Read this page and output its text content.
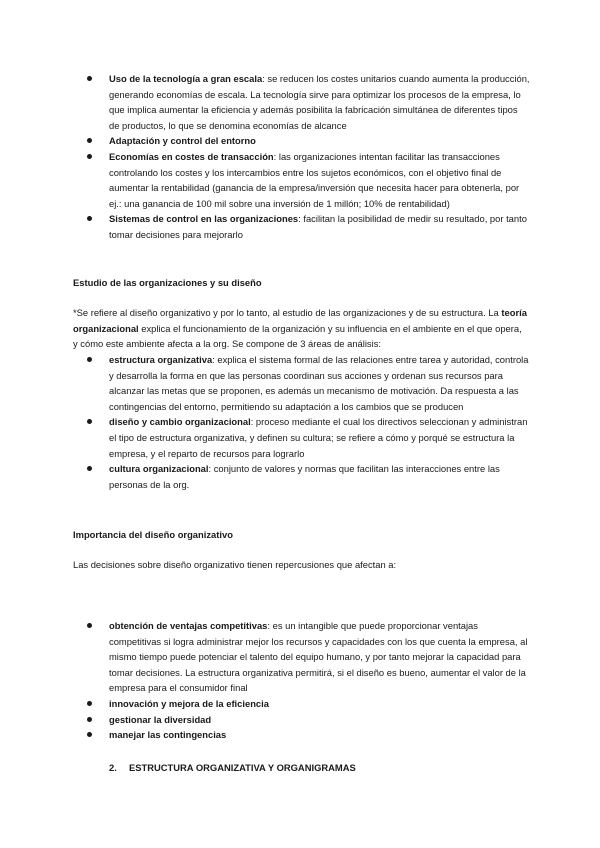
Uso de la tecnología a gran escala: se reducen los costes unitarios cuando aumenta la producción, generando economías de escala. La tecnología sirve para optimizar los procesos de la empresa, lo que implica aumentar la eficiencia y además posibilita la fabricación simultánea de diferentes tipos de productos, lo que se denomina economías de alcance
Adaptación y control del entorno
Economías en costes de transacción: las organizaciones intentan facilitar las transacciones controlando los costes y los intercambios entre los sujetos económicos, con el objetivo final de aumentar la rentabilidad (ganancia de la empresa/inversión que necesita hacer para obtenerla, por ej.: una ganancia de 100 mil sobre una inversión de 1 millón; 10% de rentabilidad)
Sistemas de control en las organizaciones: facilitan la posibilidad de medir su resultado, por tanto tomar decisiones para mejorarlo
Estudio de las organizaciones y su diseño
*Se refiere al diseño organizativo y por lo tanto, al estudio de las organizaciones y de su estructura. La teoría organizacional explica el funcionamiento de la organización y su influencia en el ambiente en el que opera, y cómo este ambiente afecta a la org. Se compone de 3 áreas de análisis:
estructura organizativa: explica el sistema formal de las relaciones entre tarea y autoridad, controla y desarrolla la forma en que las personas coordinan sus acciones y ordenan sus recursos para alcanzar las metas que se proponen, es además un mecanismo de motivación. Da respuesta a las contingencias del entorno, permitiendo su adaptación a los cambios que se producen
diseño y cambio organizacional: proceso mediante el cual los directivos seleccionan y administran el tipo de estructura organizativa, y definen su cultura; se refiere a cómo y porqué se estructura la empresa, y el reparto de recursos para lograrlo
cultura organizacional: conjunto de valores y normas que facilitan las interacciones entre las personas de la org.
Importancia del diseño organizativo
Las decisiones sobre diseño organizativo tienen repercusiones que afectan a:
obtención de ventajas competitivas: es un intangible que puede proporcionar ventajas competitivas si logra administrar mejor los recursos y capacidades con los que cuenta la empresa, al mismo tiempo puede potenciar el talento del equipo humano, y por tanto mejorar la capacidad para tomar decisiones. La estructura organizativa permitirá, si el diseño es bueno, aumentar el valor de la empresa para el consumidor final
innovación y mejora de la eficiencia
gestionar la diversidad
manejar las contingencias
2. ESTRUCTURA ORGANIZATIVA Y ORGANIGRAMAS
